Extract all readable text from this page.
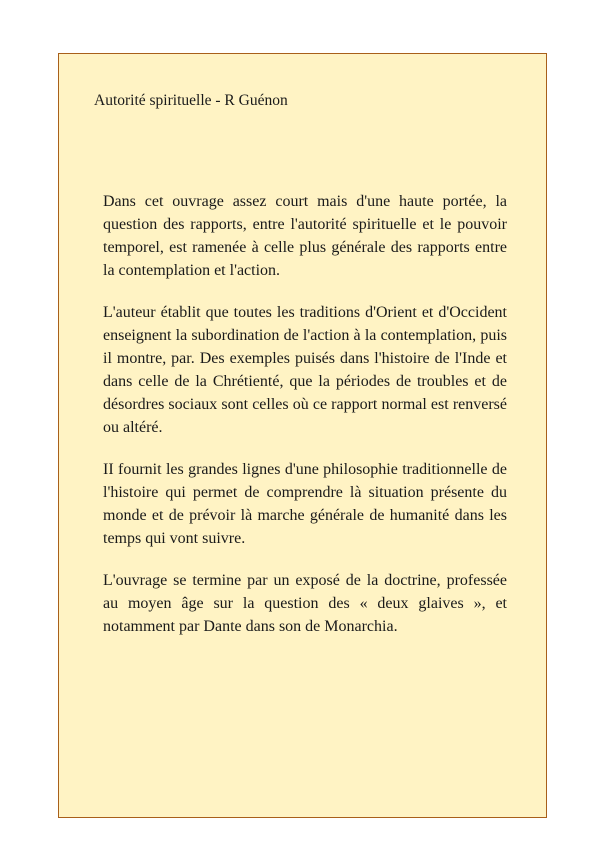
Autorité spirituelle - R Guénon

Dans cet ouvrage assez court mais d'une haute portée, la question des rapports, entre l'autorité spirituelle et le pouvoir temporel, est ramenée à celle plus générale des rapports entre la contemplation et l'action.

L'auteur établit que toutes les traditions d'Orient et d'Occident enseignent la subordination de l'action à la contemplation, puis il montre, par. Des exemples puisés dans l'histoire de l'Inde et dans celle de la Chrétienté, que la périodes de troubles et de désordres sociaux sont celles où ce rapport normal est renversé ou altéré.

II fournit les grandes lignes d'une philosophie traditionnelle de l'histoire qui permet de comprendre là situation présente du monde et de prévoir là marche générale de humanité dans les temps qui vont suivre.

L'ouvrage se termine par un exposé de la doctrine, professée au moyen âge sur la question des « deux glaives », et notamment par Dante dans son de Monarchia.
